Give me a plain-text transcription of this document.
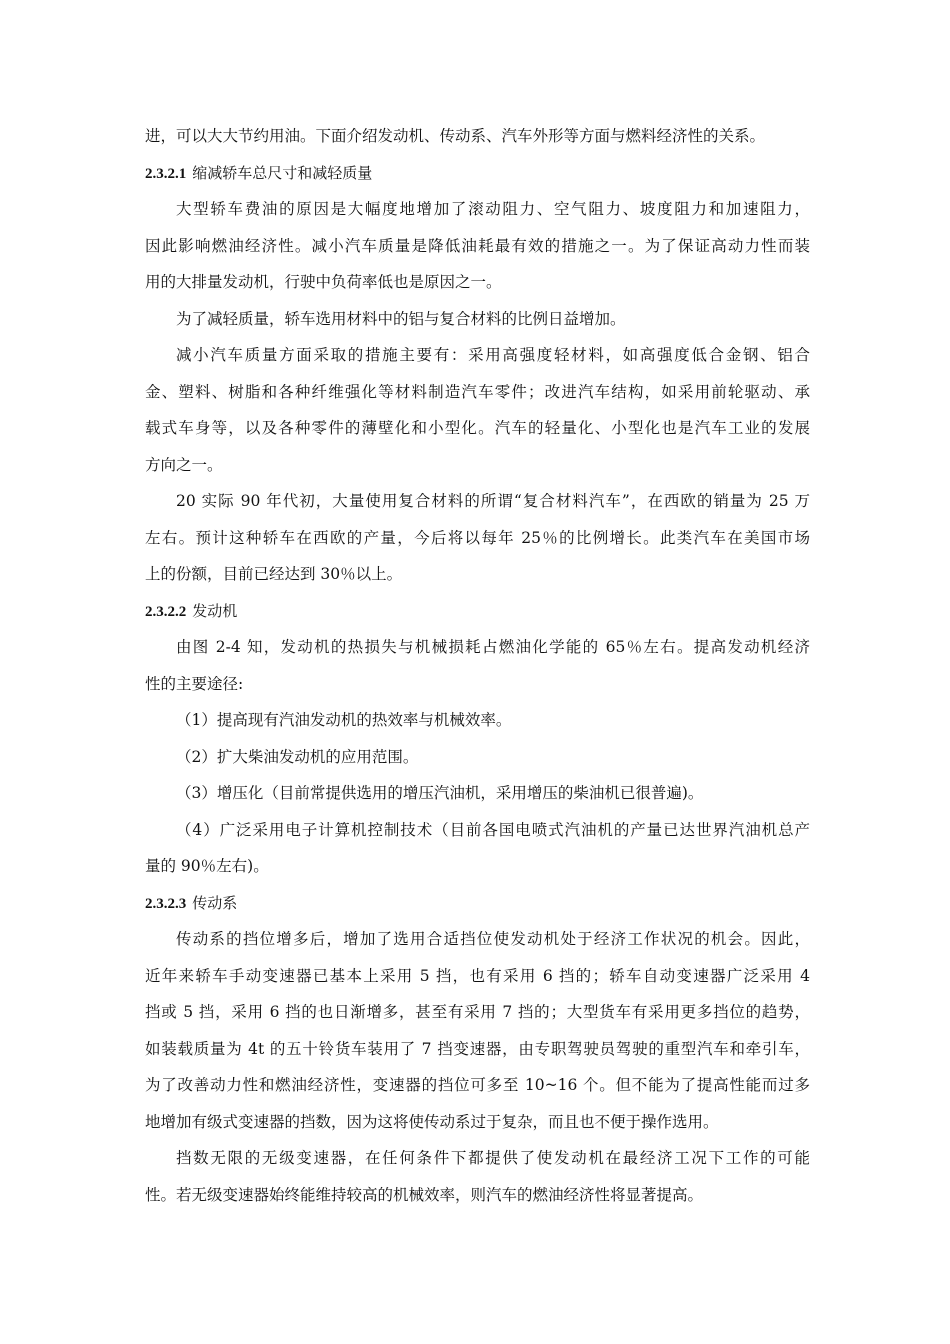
进，可以大大节约用油。下面介绍发动机、传动系、汽车外形等方面与燃料经济性的关系。
2.3.2.1 缩减轿车总尺寸和减轻质量
大型轿车费油的原因是大幅度地增加了滚动阻力、空气阻力、坡度阻力和加速阻力，
因此影响燃油经济性。减小汽车质量是降低油耗最有效的措施之一。为了保证高动力性而装
用的大排量发动机，行驶中负荷率低也是原因之一。
为了减轻质量，轿车选用材料中的铝与复合材料的比例日益增加。
减小汽车质量方面采取的措施主要有：采用高强度轻材料，如高强度低合金钢、铝合
金、塑料、树脂和各种纤维强化等材料制造汽车零件；改进汽车结构，如采用前轮驱动、承
载式车身等，以及各种零件的薄壁化和小型化。汽车的轻量化、小型化也是汽车工业的发展
方向之一。
20 实际 90 年代初，大量使用复合材料的所谓“复合材料汽车”，在西欧的销量为 25 万
左右。预计这种轿车在西欧的产量，今后将以每年 25％的比例增长。此类汽车在美国市场
上的份额，目前已经达到 30％以上。
2.3.2.2 发动机
由图 2-4 知，发动机的热损失与机械损耗占燃油化学能的 65％左右。提高发动机经济
性的主要途径:
（1）提高现有汽油发动机的热效率与机械效率。
（2）扩大柴油发动机的应用范围。
（3）增压化（目前常提供选用的增压汽油机，采用增压的柴油机已很普遍)。
（4）广泛采用电子计算机控制技术（目前各国电喷式汽油机的产量已达世界汽油机总产
量的 90％左右)。
2.3.2.3 传动系
传动系的挡位增多后，增加了选用合适挡位使发动机处于经济工作状况的机会。因此，
近年来轿车手动变速器已基本上采用 5 挡，也有采用 6 挡的；轿车自动变速器广泛采用 4
挡或 5 挡，采用 6 挡的也日渐增多，甚至有采用 7 挡的；大型货车有采用更多挡位的趋势，
如装载质量为 4t 的五十铃货车装用了 7 挡变速器，由专职驾驶员驾驶的重型汽车和牵引车，
为了改善动力性和燃油经济性，变速器的挡位可多至 10~16 个。但不能为了提高性能而过多
地增加有级式变速器的挡数，因为这将使传动系过于复杂，而且也不便于操作选用。
挡数无限的无级变速器，在任何条件下都提供了使发动机在最经济工况下工作的可能
性。若无级变速器始终能维持较高的机械效率，则汽车的燃油经济性将显著提高。
